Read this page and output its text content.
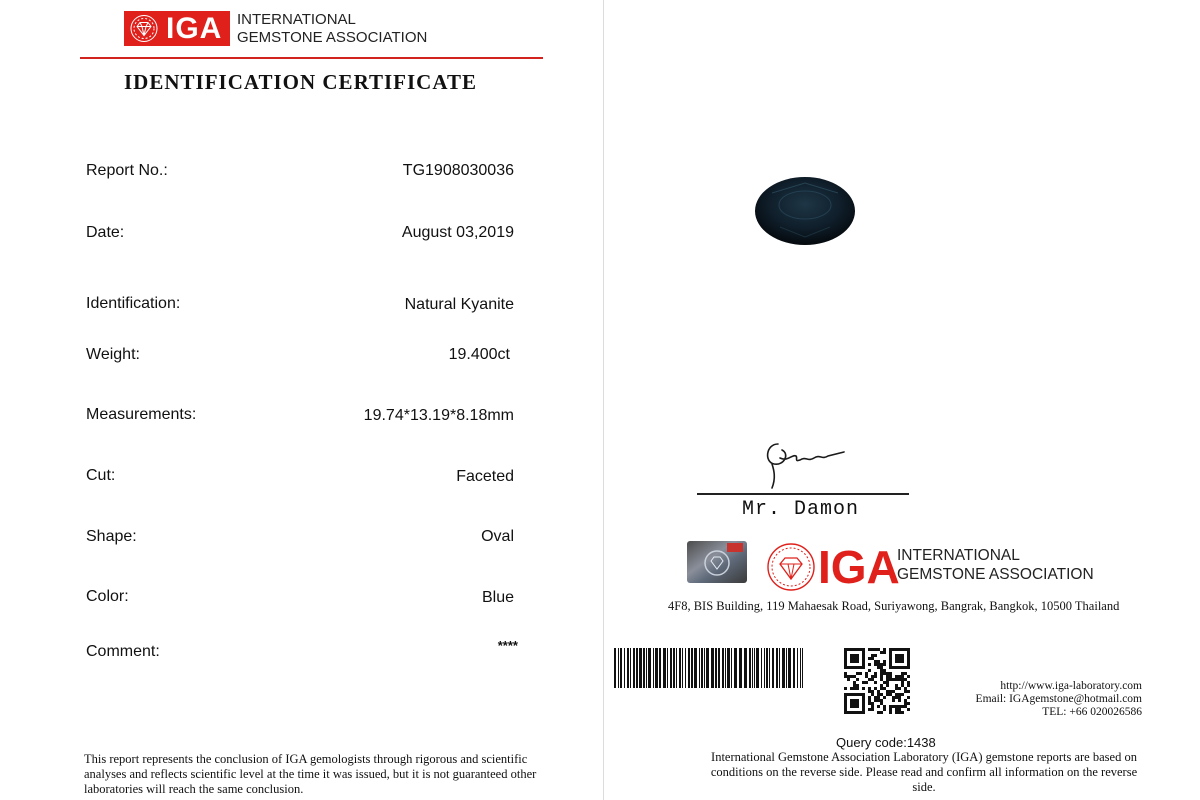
IGA INTERNATIONAL
GEMSTONE ASSOCIATION
IDENTIFICATION CERTIFICATE
Report No.:	TG1908030036
Date:	August 03,2019
Identification:	Natural Kyanite
Weight:	19.400ct
Measurements:	19.74*13.19*8.18mm
Cut:	Faceted
Shape:	Oval
Color:	Blue
Comment:	****
This report represents the conclusion of IGA gemologists through rigorous and scientific analyses and reflects scientific level at the time it was issued, but it is not guaranteed other laboratories will reach the same conclusion.
Mr. Damon
IGA
INTERNATIONAL
GEMSTONE ASSOCIATION
4F8, BIS Building, 119 Mahaesak Road, Suriyawong, Bangrak, Bangkok, 10500 Thailand
http://www.iga-laboratory.com
Email: IGAgemstone@hotmail.com
TEL: +66 020026586
Query code:1438
International Gemstone Association Laboratory (IGA) gemstone reports are based on conditions on the reverse side. Please read and confirm all information on the reverse side.
